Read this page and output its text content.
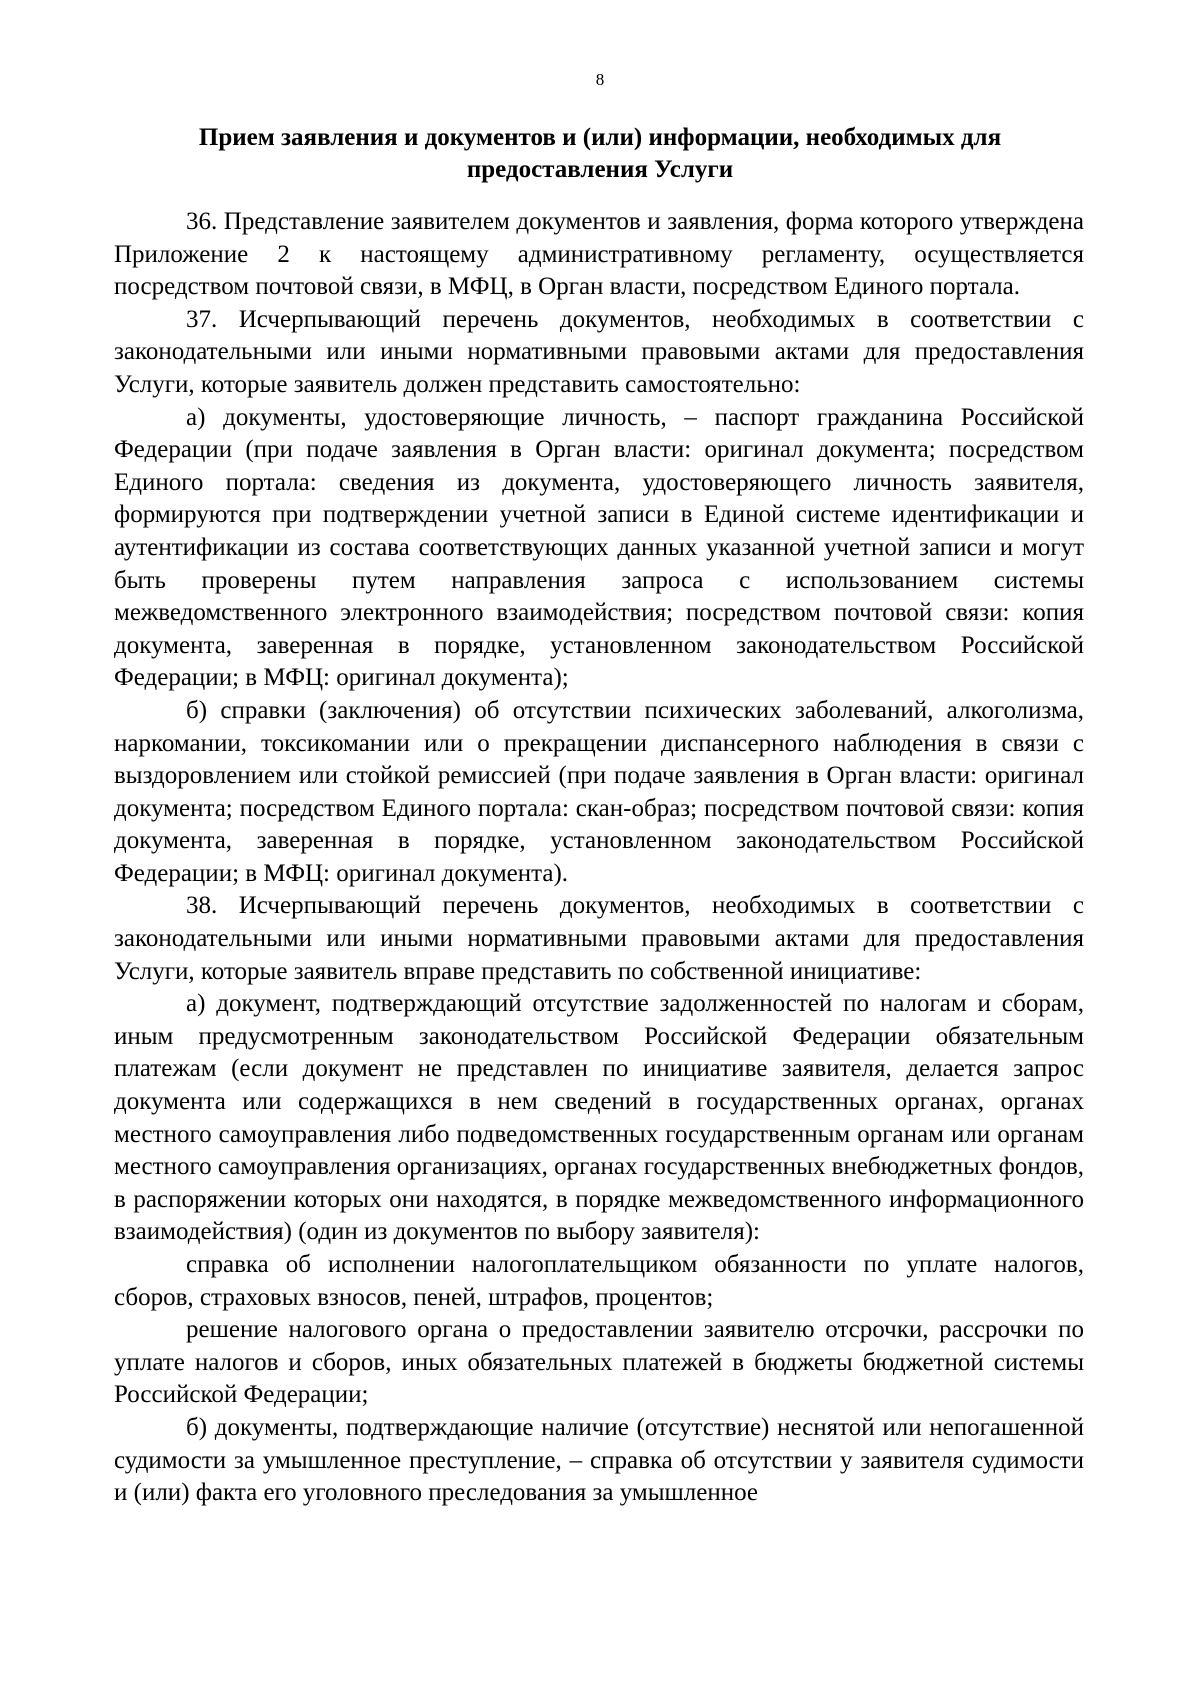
8
Прием заявления и документов и (или) информации, необходимых для предоставления Услуги

36. Представление заявителем документов и заявления, форма которого утверждена Приложение 2 к настоящему административному регламенту, осуществляется посредством почтовой связи, в МФЦ, в Орган власти, посредством Единого портала.

37. Исчерпывающий перечень документов, необходимых в соответствии с законодательными или иными нормативными правовыми актами для предоставления Услуги, которые заявитель должен представить самостоятельно:

а) документы, удостоверяющие личность, – паспорт гражданина Российской Федерации (при подаче заявления в Орган власти: оригинал документа; посредством Единого портала: сведения из документа, удостоверяющего личность заявителя, формируются при подтверждении учетной записи в Единой системе идентификации и аутентификации из состава соответствующих данных указанной учетной записи и могут быть проверены путем направления запроса с использованием системы межведомственного электронного взаимодействия; посредством почтовой связи: копия документа, заверенная в порядке, установленном законодательством Российской Федерации; в МФЦ: оригинал документа);

б) справки (заключения) об отсутствии психических заболеваний, алкоголизма, наркомании, токсикомании или о прекращении диспансерного наблюдения в связи с выздоровлением или стойкой ремиссией (при подаче заявления в Орган власти: оригинал документа; посредством Единого портала: скан-образ; посредством почтовой связи: копия документа, заверенная в порядке, установленном законодательством Российской Федерации; в МФЦ: оригинал документа).

38. Исчерпывающий перечень документов, необходимых в соответствии с законодательными или иными нормативными правовыми актами для предоставления Услуги, которые заявитель вправе представить по собственной инициативе:

а) документ, подтверждающий отсутствие задолженностей по налогам и сборам, иным предусмотренным законодательством Российской Федерации обязательным платежам (если документ не представлен по инициативе заявителя, делается запрос документа или содержащихся в нем сведений в государственных органах, органах местного самоуправления либо подведомственных государственным органам или органам местного самоуправления организациях, органах государственных внебюджетных фондов, в распоряжении которых они находятся, в порядке межведомственного информационного взаимодействия) (один из документов по выбору заявителя):

справка об исполнении налогоплательщиком обязанности по уплате налогов, сборов, страховых взносов, пеней, штрафов, процентов;

решение налогового органа о предоставлении заявителю отсрочки, рассрочки по уплате налогов и сборов, иных обязательных платежей в бюджеты бюджетной системы Российской Федерации;

б) документы, подтверждающие наличие (отсутствие) неснятой или непогашенной судимости за умышленное преступление, – справка об отсутствии у заявителя судимости и (или) факта его уголовного преследования за умышленное
